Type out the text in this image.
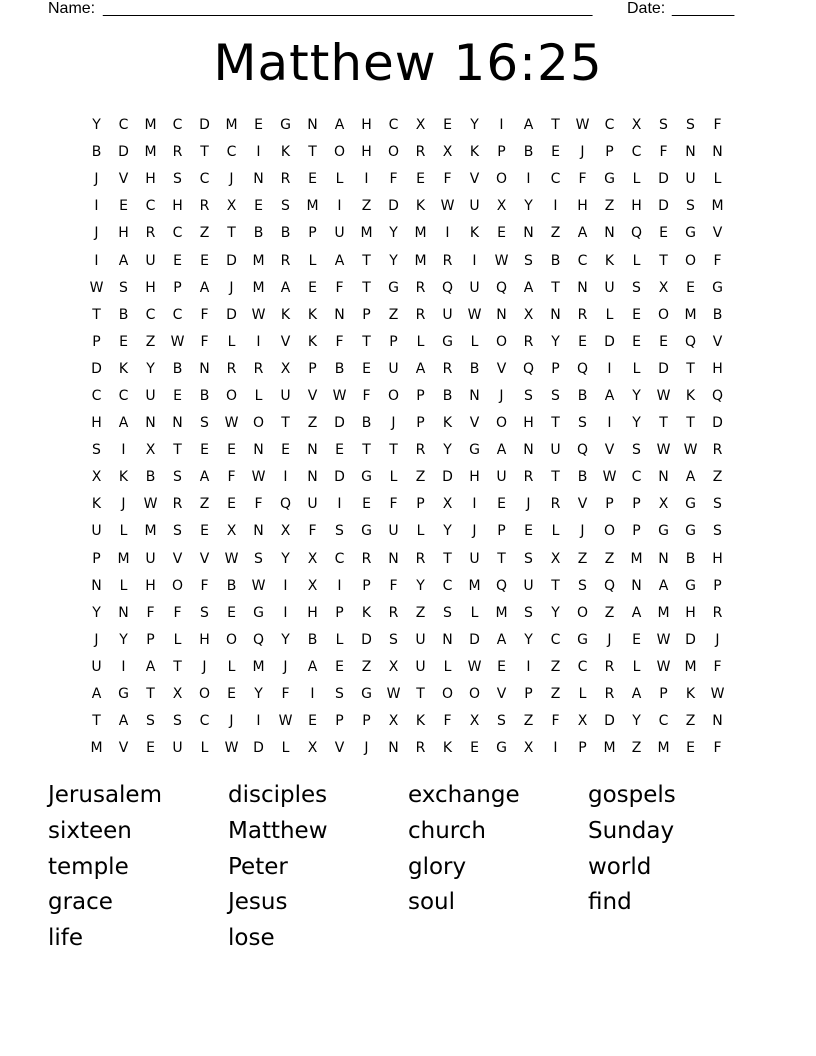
Name: _______________________________________________________ Date: _______
Matthew 16:25
Y	C	M	C	D	M	E	G	N	A	H	C	X	E	Y	I	A	T	W	C	X	S	S	F
B	D	M	R	T	C	I	K	T	O	H	O	R	X	K	P	B	E	J	P	C	F	N	N
J	V	H	S	C	J	N	R	E	L	I	F	E	F	V	O	I	C	F	G	L	D	U	L
I	E	C	H	R	X	E	S	M	I	Z	D	K	W	U	X	Y	I	H	Z	H	D	S	M
J	H	R	C	Z	T	B	B	P	U	M	Y	M	I	K	E	N	Z	A	N	Q	E	G	V
I	A	U	E	E	D	M	R	L	A	T	Y	M	R	I	W	S	B	C	K	L	T	O	F
W	S	H	P	A	J	M	A	E	F	T	G	R	Q	U	Q	A	T	N	U	S	X	E	G
T	B	C	C	F	D	W	K	K	N	P	Z	R	U	W	N	X	N	R	L	E	O	M	B
P	E	Z	W	F	L	I	V	K	F	T	P	L	G	L	O	R	Y	E	D	E	E	Q	V
D	K	Y	B	N	R	R	X	P	B	E	U	A	R	B	V	Q	P	Q	I	L	D	T	H
C	C	U	E	B	O	L	U	V	W	F	O	P	B	N	J	S	S	B	A	Y	W	K	Q
H	A	N	N	S	W	O	T	Z	D	B	J	P	K	V	O	H	T	S	I	Y	T	T	D
S	I	X	T	E	E	N	E	N	E	T	T	R	Y	G	A	N	U	Q	V	S	W W	R
X	K	B	S	A	F	W	I	N	D	G	L	Z	D	H	U	R	T	B	W	C	N	A	Z
K	J	W	R	Z	E	F	Q	U	I	E	F	P	X	I	E	J	R	V	P	P	X	G	S
U	L	M	S	E	X	N	X	F	S	G	U	L	Y	J	P	E	L	J	O	P	G	G	S
P	M	U	V	V	W	S	Y	X	C	R	N	R	T	U	T	S	X	Z	Z	M	N	B	H
N	L	H	O	F	B	W	I	X	I	P	F	Y	C	M	Q	U	T	S	Q	N	A	G	P
Y	N	F	F	S	E	G	I	H	P	K	R	Z	S	L	M	S	Y	O	Z	A	M	H	R
J	Y	P	L	H	O	Q	Y	B	L	D	S	U	N	D	A	Y	C	G	J	E	W	D	J
U	I	A	T	J	L	M	J	A	E	Z	X	U	L	W	E	I	Z	C	R	L	W	M	F
A	G	T	X	O	E	Y	F	I	S	G	W	T	O	O	V	P	Z	L	R	A	P	K	W
T	A	S	S	C	J	I	W	E	P	P	X	K	F	X	S	Z	F	X	D	Y	C	Z	N
M	V	E	U	L	W	D	L	X	V	J	N	R	K	E	G	X	I	P	M	Z	M	E	F
Jerusalem	disciples	exchange	gospels
sixteen	Matthew	church	Sunday
temple	Peter	glory	world
grace	Jesus	soul	find
life	lose
